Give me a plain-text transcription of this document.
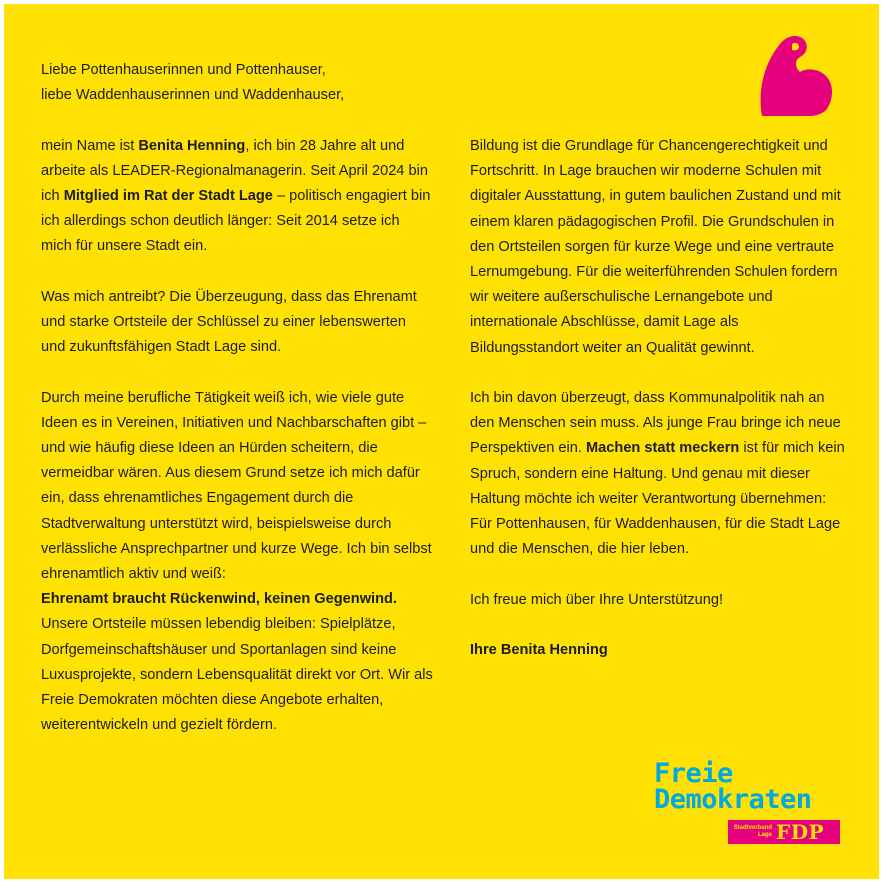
Liebe Pottenhauserinnen und Pottenhauser,
liebe Waddenhauserinnen und Waddenhauser,

mein Name ist Benita Henning, ich bin 28 Jahre alt und arbeite als LEADER-Regionalmanagerin. Seit April 2024 bin ich Mitglied im Rat der Stadt Lage – politisch engagiert bin ich allerdings schon deutlich länger: Seit 2014 setze ich mich für unsere Stadt ein.

Was mich antreibt? Die Überzeugung, dass das Ehrenamt und starke Ortsteile der Schlüssel zu einer lebenswerten und zukunftsfähigen Stadt Lage sind.

Durch meine berufliche Tätigkeit weiß ich, wie viele gute Ideen es in Vereinen, Initiativen und Nachbarschaften gibt – und wie häufig diese Ideen an Hürden scheitern, die vermeidbar wären. Aus diesem Grund setze ich mich dafür ein, dass ehrenamtliches Engagement durch die Stadtverwaltung unterstützt wird, beispielsweise durch verlässliche Ansprechpartner und kurze Wege. Ich bin selbst ehrenamtlich aktiv und weiß:

Ehrenamt braucht Rückenwind, keinen Gegenwind.

Unsere Ortsteile müssen lebendig bleiben: Spielplätze, Dorfgemeinschaftshäuser und Sportanlagen sind keine Luxusprojekte, sondern Lebensqualität direkt vor Ort. Wir als Freie Demokraten möchten diese Angebote erhalten, weiterentwickeln und gezielt fördern.

Bildung ist die Grundlage für Chancengerechtigkeit und Fortschritt. In Lage brauchen wir moderne Schulen mit digitaler Ausstattung, in gutem baulichen Zustand und mit einem klaren pädagogischen Profil. Die Grundschulen in den Ortsteilen sorgen für kurze Wege und eine vertraute Lernumgebung. Für die weiterführenden Schulen fordern wir weitere außerschulische Lernangebote und internationale Abschlüsse, damit Lage als Bildungsstandort weiter an Qualität gewinnt.

Ich bin davon überzeugt, dass Kommunalpolitik nah an den Menschen sein muss. Als junge Frau bringe ich neue Perspektiven ein. Machen statt meckern ist für mich kein Spruch, sondern eine Haltung. Und genau mit dieser Haltung möchte ich weiter Verantwortung übernehmen: Für Pottenhausen, für Waddenhausen, für die Stadt Lage und die Menschen, die hier leben.

Ich freue mich über Ihre Unterstützung!

Ihre Benita Henning

Freie
Demokraten
Stadtverband
Lage FDP
